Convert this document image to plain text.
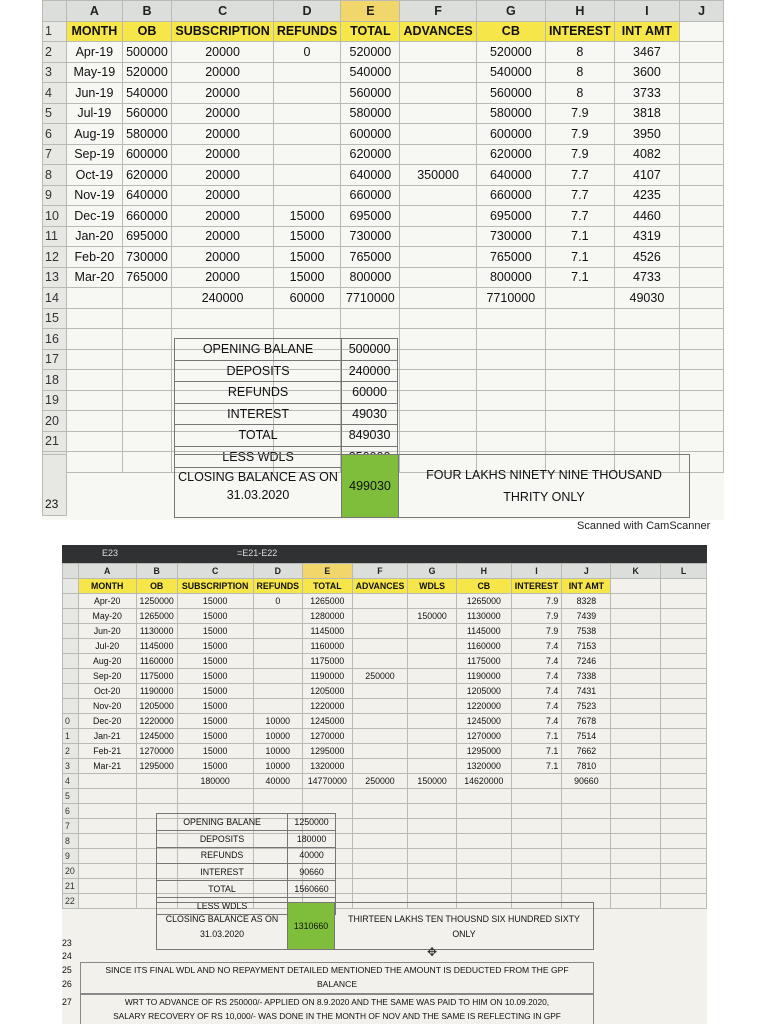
	A	B	C	D	E	F	G	H	I	J
1	MONTH	OB	SUBSCRIPTION	REFUNDS	TOTAL	ADVANCES	CB	INTEREST	INT AMT	
2	Apr-19	500000	20000	0	520000		520000	8	3467	
3	May-19	520000	20000		540000		540000	8	3600	
4	Jun-19	540000	20000		560000		560000	8	3733	
5	Jul-19	560000	20000		580000		580000	7.9	3818	
6	Aug-19	580000	20000		600000		600000	7.9	3950	
7	Sep-19	600000	20000		620000		620000	7.9	4082	
8	Oct-19	620000	20000		640000	350000	640000	7.7	4107	
9	Nov-19	640000	20000		660000		660000	7.7	4235	
10	Dec-19	660000	20000	15000	695000		695000	7.7	4460	
11	Jan-20	695000	20000	15000	730000		730000	7.1	4319	
12	Feb-20	730000	20000	15000	765000		765000	7.1	4526	
13	Mar-20	765000	20000	15000	800000		800000	7.1	4733	
14			240000	60000	7710000		7710000		49030	
15										
16										
17										
18										
19										
20										
21										

OPENING BALANE	500000
DEPOSITS	240000
REFUNDS	60000
INTEREST	49030
TOTAL	849030
LESS WDLS	
CLOSING BALANCE AS ON
31.03.2020
499030
FOUR LAKHS NINETY NINE THOUSAND
THRITY ONLY
23
Scanned with CamScanner
E23	=E21-E22
	A	B	C	D	E	F	G	H	I	J	K	L
	MONTH	OB	SUBSCRIPTION	REFUNDS	TOTAL	ADVANCES	WDLS	CB	INTEREST	INT AMT		
	Apr-20	1250000	15000	0	1265000			1265000	7.9	8328		
	May-20	1265000	15000		1280000		150000	1130000	7.9	7439		
	Jun-20	1130000	15000		1145000			1145000	7.9	7538		
	Jul-20	1145000	15000		1160000			1160000	7.4	7153		
	Aug-20	1160000	15000		1175000			1175000	7.4	7246		
	Sep-20	1175000	15000		1190000	250000		1190000	7.4	7338		
	Oct-20	1190000	15000		1205000			1205000	7.4	7431		
	Nov-20	1205000	15000		1220000			1220000	7.4	7523		
0	Dec-20	1220000	15000	10000	1245000			1245000	7.4	7678		
1	Jan-21	1245000	15000	10000	1270000			1270000	7.1	7514		
2	Feb-21	1270000	15000	10000	1295000			1295000	7.1	7662		
3	Mar-21	1295000	15000	10000	1320000			1320000	7.1	7810		
4			180000	40000	14770000	250000	150000	14620000		90660		
5												
6												
7												
8												
9												
20												
21												
22												
OPENING BALANE	1250000
DEPOSITS	180000
REFUNDS	40000
INTEREST	90660
TOTAL	1560660
LESS WDLS	
CLOSING BALANCE AS ON
31.03.2020
1310660
THIRTEEN LAKHS TEN THOUSND SIX HUNDRED SIXTY
ONLY
✥
23
24
25
26
27
SINCE ITS FINAL WDL AND NO REPAYMENT DETAILED MENTIONED THE AMOUNT IS DEDUCTED FROM THE GPF
BALANCE
WRT TO ADVANCE OF RS 250000/- APPLIED ON 8.9.2020 AND THE SAME WAS PAID TO HIM ON 10.09.2020,
SALARY RECOVERY OF RS 10,000/- WAS DONE IN THE MONTH OF NOV AND THE SAME IS REFLECTING IN GPF
